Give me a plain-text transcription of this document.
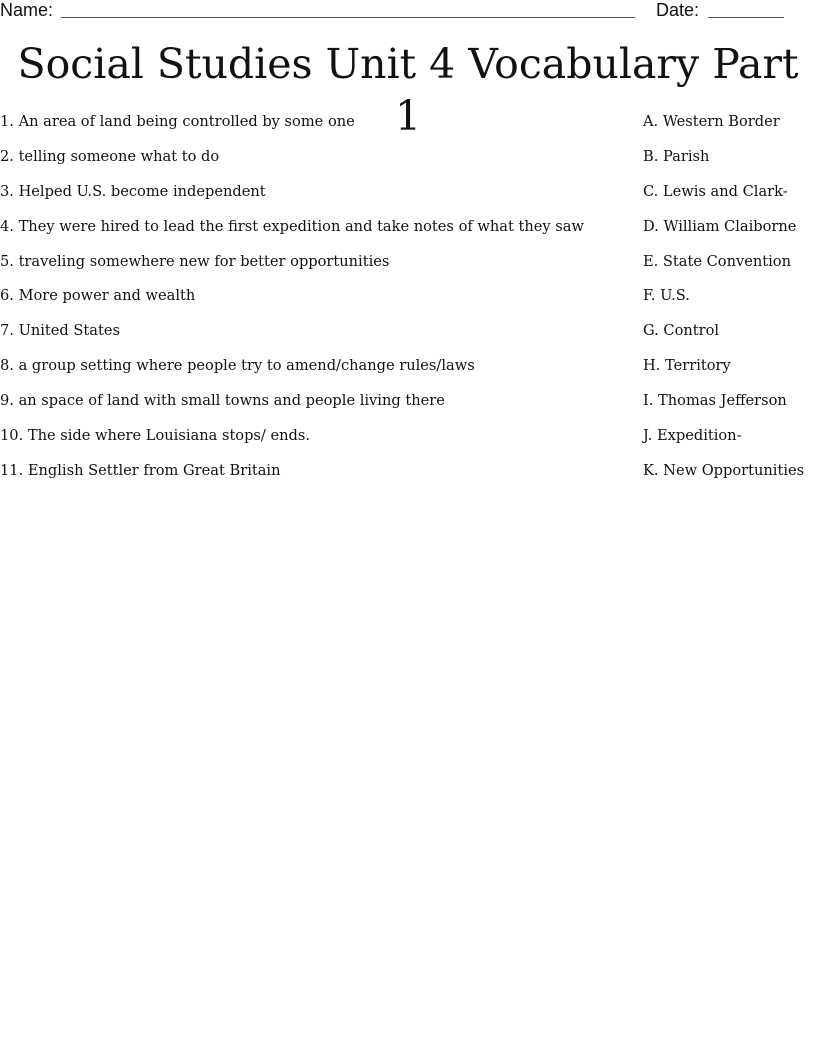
Name:	Date:
Social Studies Unit 4 Vocabulary Part 1
1. An area of land being controlled by some one	A. Western Border
2. telling someone what to do	B. Parish
3. Helped U.S. become independent	C. Lewis and Clark-
4. They were hired to lead the first expedition and take notes of what they saw	D. William Claiborne
5. traveling somewhere new for better opportunities	E. State Convention
6. More power and wealth	F. U.S.
7. United States	G. Control
8. a group setting where people try to amend/change rules/laws	H. Territory
9. an space of land with small towns and people living there	I. Thomas Jefferson
10. The side where Louisiana stops/ ends.	J. Expedition-
11. English Settler from Great Britain	K. New Opportunities
